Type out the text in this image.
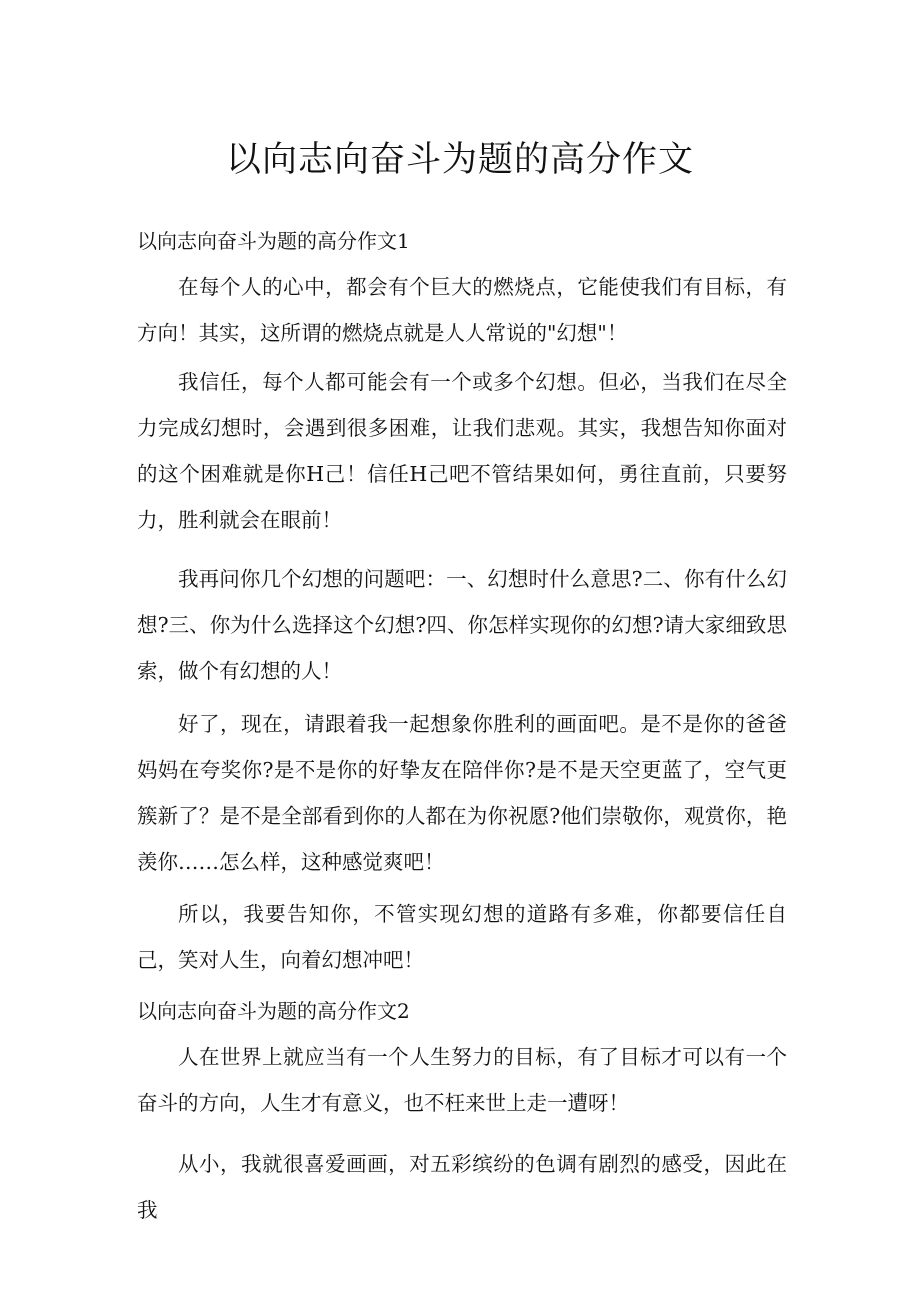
以向志向奋斗为题的高分作文
以向志向奋斗为题的高分作文1

在每个人的心中，都会有个巨大的燃烧点，它能使我们有目标，有方向！其实，这所谓的燃烧点就是人人常说的"幻想"！

我信任，每个人都可能会有一个或多个幻想。但必，当我们在尽全力完成幻想时，会遇到很多困难，让我们悲观。其实，我想告知你面对的这个困难就是你H己！信任H己吧不管结果如何，勇往直前，只要努力，胜利就会在眼前！

我再问你几个幻想的问题吧：一、幻想时什么意思?二、你有什么幻想?三、你为什么选择这个幻想?四、你怎样实现你的幻想?请大家细致思索，做个有幻想的人！

好了，现在，请跟着我一起想象你胜利的画面吧。是不是你的爸爸妈妈在夸奖你?是不是你的好挚友在陪伴你?是不是天空更蓝了，空气更簇新了？是不是全部看到你的人都在为你祝愿?他们崇敬你，观赏你，艳羡你……怎么样，这种感觉爽吧！

所以，我要告知你，不管实现幻想的道路有多难，你都要信任自己，笑对人生，向着幻想冲吧！

以向志向奋斗为题的高分作文2

人在世界上就应当有一个人生努力的目标，有了目标才可以有一个奋斗的方向，人生才有意义，也不枉来世上走一遭呀！

从小，我就很喜爱画画，对五彩缤纷的色调有剧烈的感受，因此在我
